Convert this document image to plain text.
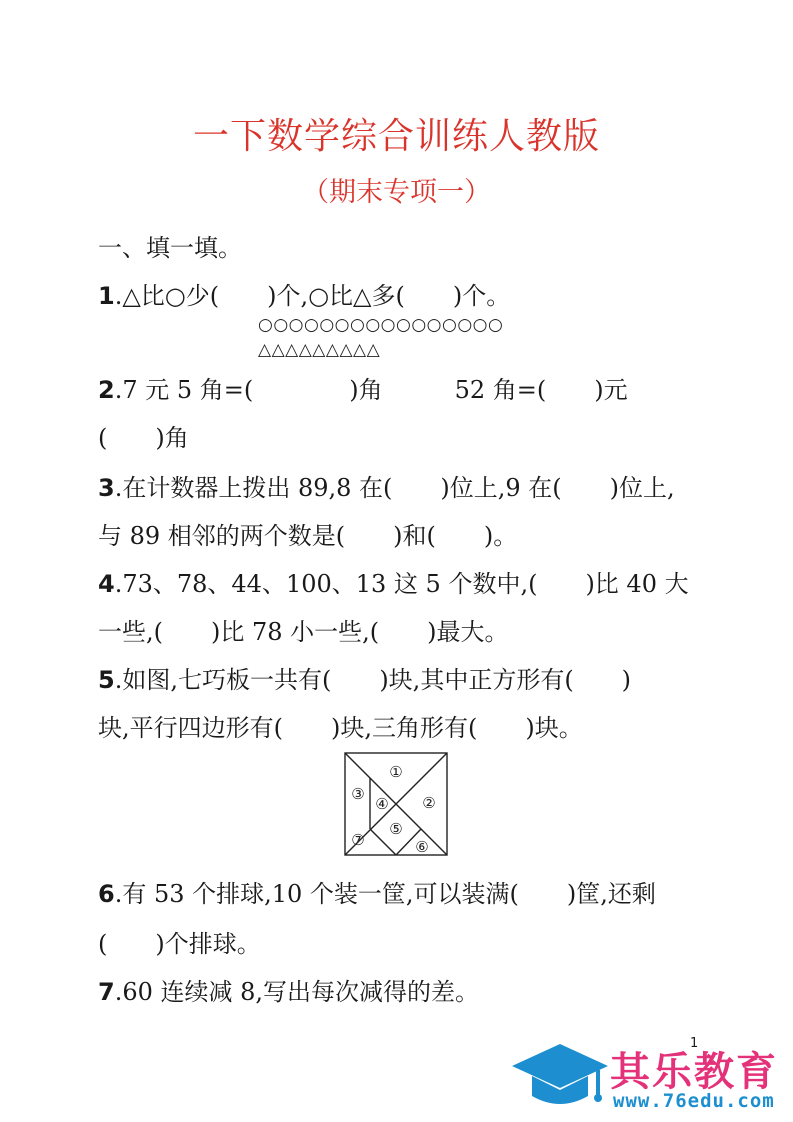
一下数学综合训练人教版
（期末专项一）
一、填一填。
1.△比○少(　　)个,○比△多(　　)个。
○○○○○○○○○○○○○○○○
△△△△△△△△△
2.7 元 5 角=(　　　　)角　　　52 角=(　　)元
(　　)角
3.在计数器上拨出 89,8 在(　　)位上,9 在(　　)位上,
与 89 相邻的两个数是(　　)和(　　)。
4.73、78、44、100、13 这 5 个数中,(　　)比 40 大
一些,(　　)比 78 小一些,(　　)最大。
5.如图,七巧板一共有(　　)块,其中正方形有(　　)
块,平行四边形有(　　)块,三角形有(　　)块。
①
②
③
④
⑤
⑥
⑦
6.有 53 个排球,10 个装一筐,可以装满(　　)筐,还剩
(　　)个排球。
7.60 连续减 8,写出每次减得的差。
1
其乐教育
www.76edu.com
